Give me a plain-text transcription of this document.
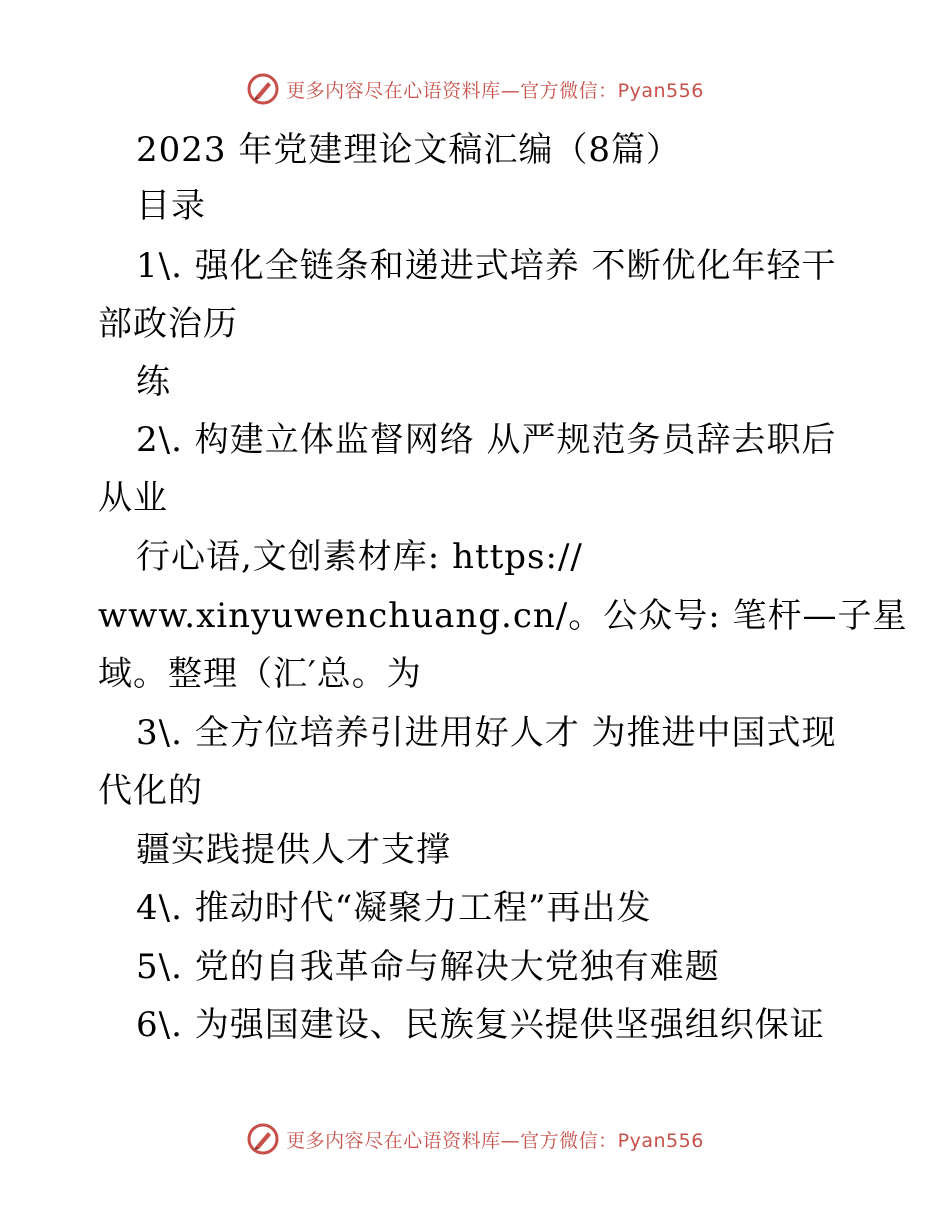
更多内容尽在心语资料库—官方微信：Pyan556
2023 年党建理论文稿汇编（8篇）
目录
1\. 强化全链条和递进式培养 不断优化年轻干
部政治历
练
2\. 构建立体监督网络 从严规范务员辞去职后
从业
行心语,文创素材库: https://
www.xinyuwenchuang.cn/。公众号: 笔杆—子星
域。整理（汇′总。为
3\. 全方位培养引进用好人才 为推进中国式现
代化的
疆实践提供人才支撑
4\. 推动时代“凝聚力工程”再出发
5\. 党的自我革命与解决大党独有难题
6\. 为强国建设、民族复兴提供坚强组织保证
更多内容尽在心语资料库—官方微信：Pyan556
